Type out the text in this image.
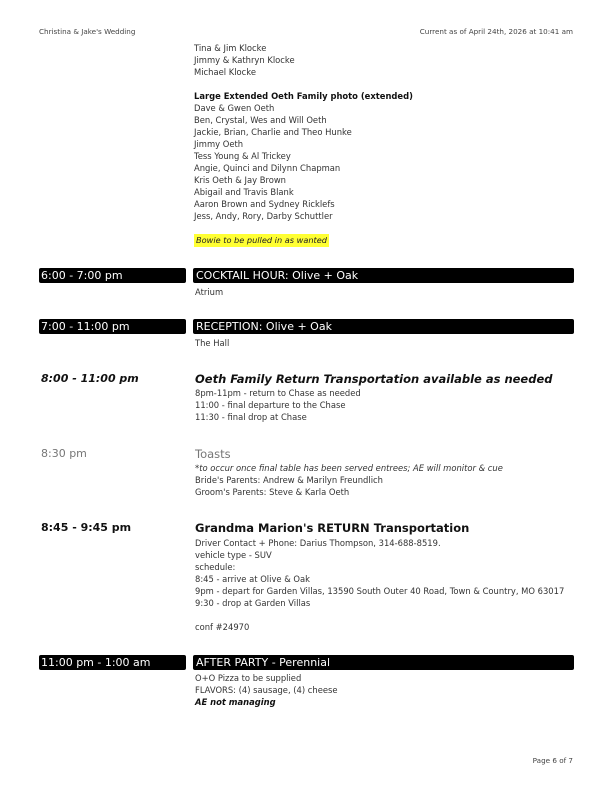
Christina & Jake's Wedding	Current as of April 24th, 2026 at 10:41 am
Tina & Jim Klocke
Jimmy & Kathryn Klocke
Michael Klocke
Large Extended Oeth Family photo (extended)
Dave & Gwen Oeth
Ben, Crystal, Wes and Will Oeth
Jackie, Brian, Charlie and Theo Hunke
Jimmy Oeth
Tess Young & Al Trickey
Angie, Quinci and Dilynn Chapman
Kris Oeth & Jay Brown
Abigail and Travis Blank
Aaron Brown and Sydney Ricklefs
Jess, Andy, Rory, Darby Schuttler
Bowie to be pulled in as wanted
6:00 - 7:00 pm	COCKTAIL HOUR: Olive + Oak
Atrium
7:00 - 11:00 pm	RECEPTION: Olive + Oak
The Hall
8:00 - 11:00 pm	Oeth Family Return Transportation available as needed
8pm-11pm - return to Chase as needed
11:00 - final departure to the Chase
11:30 - final drop at Chase
8:30 pm	Toasts
*to occur once final table has been served entrees; AE will monitor & cue
Bride's Parents: Andrew & Marilyn Freundlich
Groom's Parents: Steve & Karla Oeth
8:45 - 9:45 pm	Grandma Marion's RETURN Transportation
Driver Contact + Phone: Darius Thompson, 314-688-8519.
vehicle type - SUV
schedule:
8:45 - arrive at Olive & Oak
9pm - depart for Garden Villas, 13590 South Outer 40 Road, Town & Country, MO 63017
9:30 - drop at Garden Villas
conf #24970
11:00 pm - 1:00 am	AFTER PARTY - Perennial
O+O Pizza to be supplied
FLAVORS: (4) sausage, (4) cheese
AE not managing
Page 6 of 7
